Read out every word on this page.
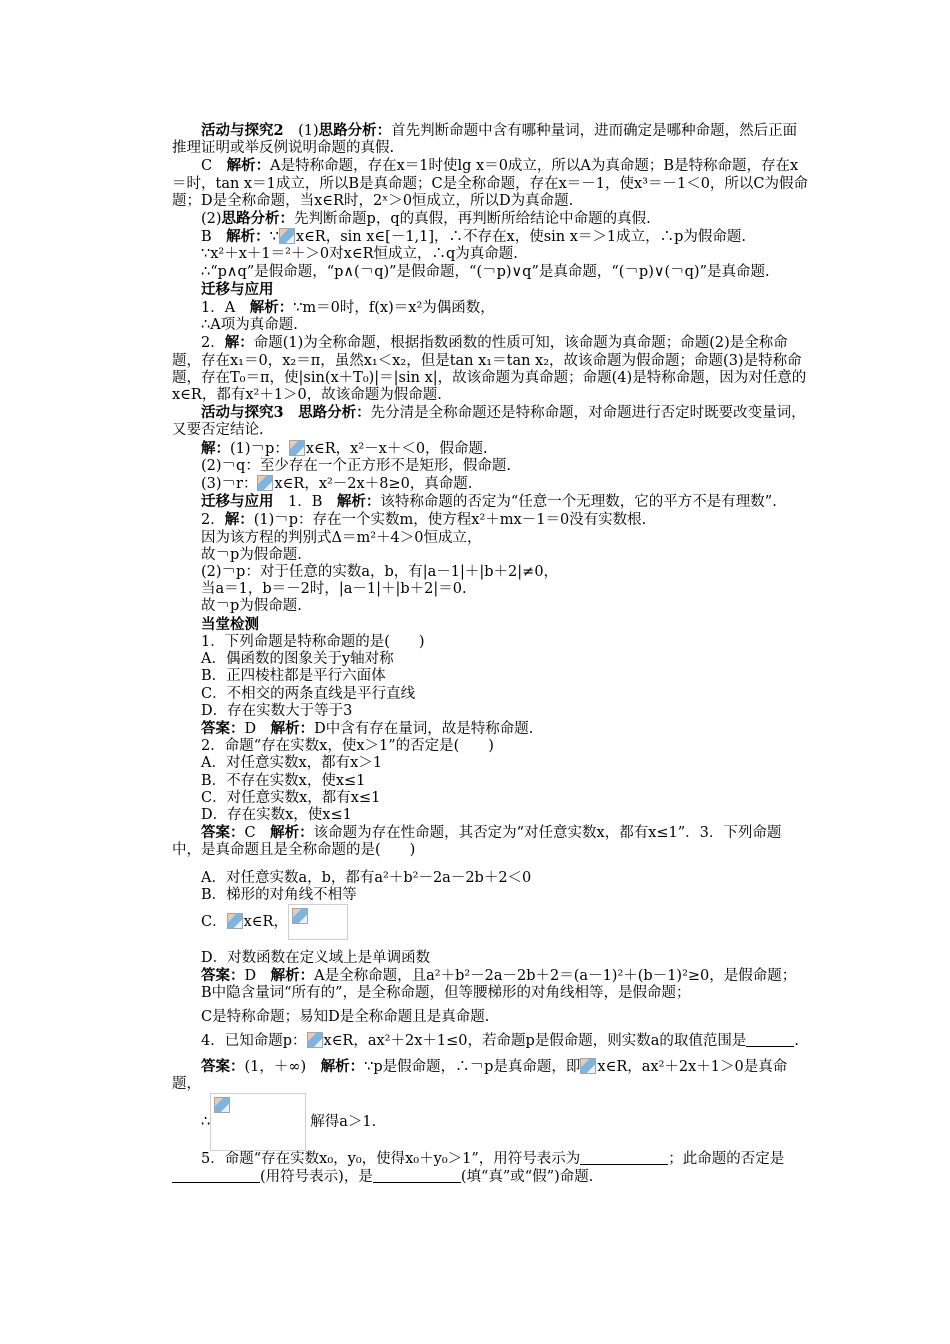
活动与探究2　(1)思路分析：首先判断命题中含有哪种量词，进而确定是哪种命题，然后正面推理证明或举反例说明命题的真假.

C　解析：A是特称命题，存在x＝1时使lg x＝0成立，所以A为真命题；B是特称命题，存在x＝时，tan x＝1成立，所以B是真命题；C是全称命题，存在x＝－1，使x³＝－1＜0，所以C为假命题；D是全称命题，当x∈R时，2ˣ＞0恒成立，所以D为真命题.

(2)思路分析：先判断命题p，q的真假，再判断所给结论中命题的真假.

B　解析：∵ x∈R，sin x∈[－1,1]，∴不存在x，使sin x＝＞1成立，∴p为假命题.

∵x²＋x＋1＝²＋＞0对x∈R恒成立，∴q为真命题.

∴“p∧q”是假命题，“p∧(￢q)”是假命题，“(￢p)∨q”是真命题，“(￢p)∨(￢q)”是真命题.

迁移与应用

1．A　解析：∵m＝0时，f(x)＝x²为偶函数，

∴A项为真命题.

2．解：命题(1)为全称命题，根据指数函数的性质可知，该命题为真命题；命题(2)是全称命题，存在x₁＝0，x₂＝π，虽然x₁＜x₂，但是tan x₁＝tan x₂，故该命题为假命题；命题(3)是特称命题，存在T₀＝π，使|sin(x＋T₀)|＝|sin x|，故该命题为真命题；命题(4)是特称命题，因为对任意的x∈R，都有x²＋1＞0，故该命题为假命题.

活动与探究3　 思路分析：先分清是全称命题还是特称命题，对命题进行否定时既要改变量词，又要否定结论.

解：(1)￢p： x∈R，x²－x＋＜0，假命题.

(2)￢q：至少存在一个正方形不是矩形，假命题.

(3)￢r： x∈R，x²－2x＋8≥0，真命题.

迁移与应用　1．B　解析：该特称命题的否定为“任意一个无理数，它的平方不是有理数”.

2．解：(1)￢p：存在一个实数m，使方程x²＋mx－1＝0没有实数根.

因为该方程的判别式Δ＝m²＋4＞0恒成立，

故￢p为假命题.

(2)￢p：对于任意的实数a，b，有|a－1|＋|b＋2|≠0，

当a＝1，b＝－2时，|a－1|＋|b＋2|＝0.

故￢p为假命题.

当堂检测

1．下列命题是特称命题的是(　　)

A．偶函数的图象关于y轴对称

B．正四棱柱都是平行六面体

C．不相交的两条直线是平行直线

D．存在实数大于等于3

答案：D　解析：D中含有存在量词，故是特称命题.

2．命题“存在实数x，使x＞1”的否定是(　　)

A．对任意实数x，都有x＞1

B．不存在实数x，使x≤1

C．对任意实数x，都有x≤1

D．存在实数x，使x≤1

答案：C　解析：该命题为存在性命题，其否定为“对任意实数x，都有x≤1”．3．下列命题中，是真命题且是全称命题的是(　　)

A．对任意实数a，b，都有a²＋b²－2a－2b＋2＜0

B．梯形的对角线不相等

C． x∈R，

D．对数函数在定义域上是单调函数

答案：D　解析：A是全称命题，且a²＋b²－2a－2b＋2＝(a－1)²＋(b－1)²≥0，是假命题；

B中隐含量词“所有的”，是全称命题，但等腰梯形的对角线相等，是假命题；

C是特称命题；易知D是全称命题且是真命题.

4．已知命题p： x∈R，ax²＋2x＋1≤0，若命题p是假命题，则实数a的取值范围是	.

答案：(1，＋∞)　解析：∵p是假命题，∴￢p是真命题，即 x∈R，ax²＋2x＋1＞0是真命题，

∴	解得a＞1.

5．命题“存在实数x₀，y₀，使得x₀＋y₀＞1”，用符号表示为	；此命题的否定是(用符号表示)，是	(填“真”或“假”)命题.
